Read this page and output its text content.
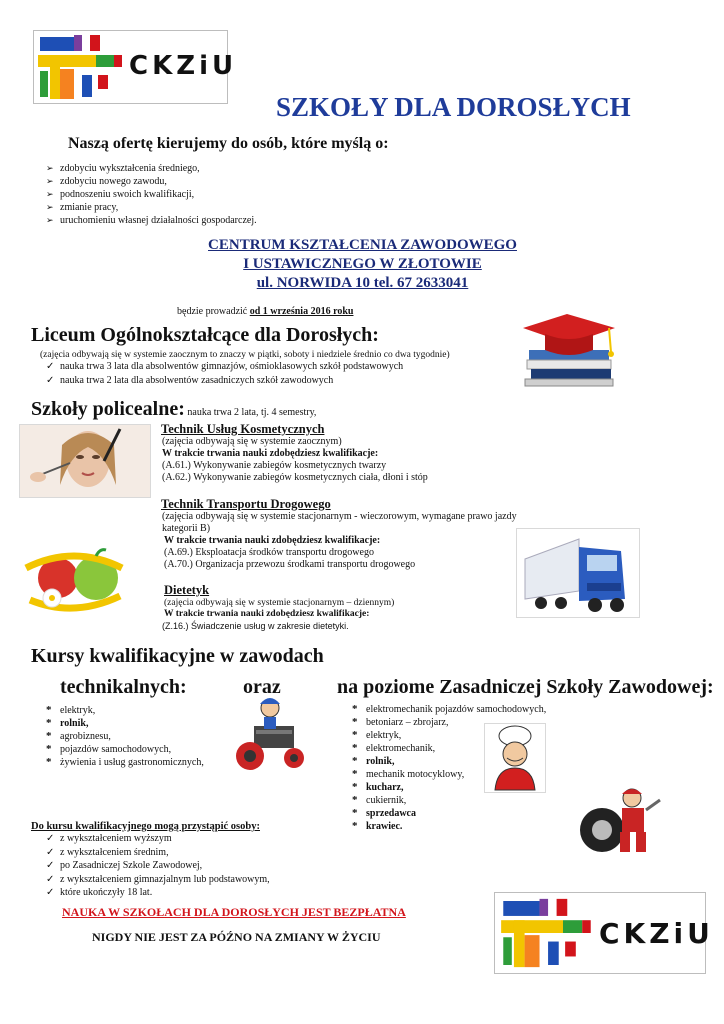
CKZiU
SZKOŁY DLA DOROSŁYCH
Naszą ofertę kierujemy do osób, które myślą o:
➢ zdobyciu wykształcenia średniego,
➢ zdobyciu nowego zawodu,
➢ podnoszeniu swoich kwalifikacji,
➢ zmianie pracy,
➢ uruchomieniu własnej działalności gospodarczej.
CENTRUM KSZTAŁCENIA ZAWODOWEGO
I USTAWICZNEGO W ZŁOTOWIE
ul. NORWIDA 10 tel. 67 2633041
będzie prowadzić od 1 września 2016 roku
Liceum Ogólnokształcące dla Dorosłych:
(zajęcia odbywają się w systemie zaocznym to znaczy w piątki, soboty i niedziele średnio co dwa tygodnie)
✓ nauka trwa 3 lata dla absolwentów gimnazjów, ośmioklasowych szkół podstawowych
✓ nauka trwa 2 lata dla absolwentów zasadniczych szkół zawodowych
Szkoły policealne: nauka trwa 2 lata, tj. 4 semestry,
Technik Usług Kosmetycznych
(zajęcia odbywają się w systemie zaocznym)
W trakcie trwania nauki zdobędziesz kwalifikacje:
(A.61.) Wykonywanie zabiegów kosmetycznych twarzy
(A.62.) Wykonywanie zabiegów kosmetycznych ciała, dłoni i stóp
Technik Transportu Drogowego
(zajęcia odbywają się w systemie stacjonarnym - wieczorowym, wymagane prawo jazdy
kategorii B)
W trakcie trwania nauki zdobędziesz kwalifikacje:
(A.69.) Eksploatacja środków transportu drogowego
(A.70.) Organizacja przewozu środkami transportu drogowego
Dietetyk
(zajęcia odbywają się w systemie stacjonarnym – dziennym)
W trakcie trwania nauki zdobędziesz kwalifikacje:
(Z.16.) Świadczenie usług w zakresie dietetyki.
Kursy kwalifikacyjne w zawodach
technikalnych:	oraz	na poziome Zasadniczej Szkoły Zawodowej:
* elektryk,
* rolnik,
* agrobiznesu,
* pojazdów samochodowych,
* żywienia i usług gastronomicznych,
* elektromechanik pojazdów samochodowych,
* betoniarz – zbrojarz,
* elektryk,
* elektromechanik,
* rolnik,
* mechanik motocyklowy,
* kucharz,
* cukiernik,
* sprzedawca
* krawiec.
Do kursu kwalifikacyjnego mogą przystąpić osoby:
✓ z wykształceniem wyższym
✓ z wykształceniem średnim,
✓ po Zasadniczej Szkole Zawodowej,
✓ z wykształceniem gimnazjalnym lub podstawowym,
✓ które ukończyły 18 lat.
NAUKA W SZKOŁACH DLA DOROSŁYCH JEST BEZPŁATNA
NIGDY NIE JEST ZA PÓŹNO NA ZMIANY W ŻYCIU	CKZiU
